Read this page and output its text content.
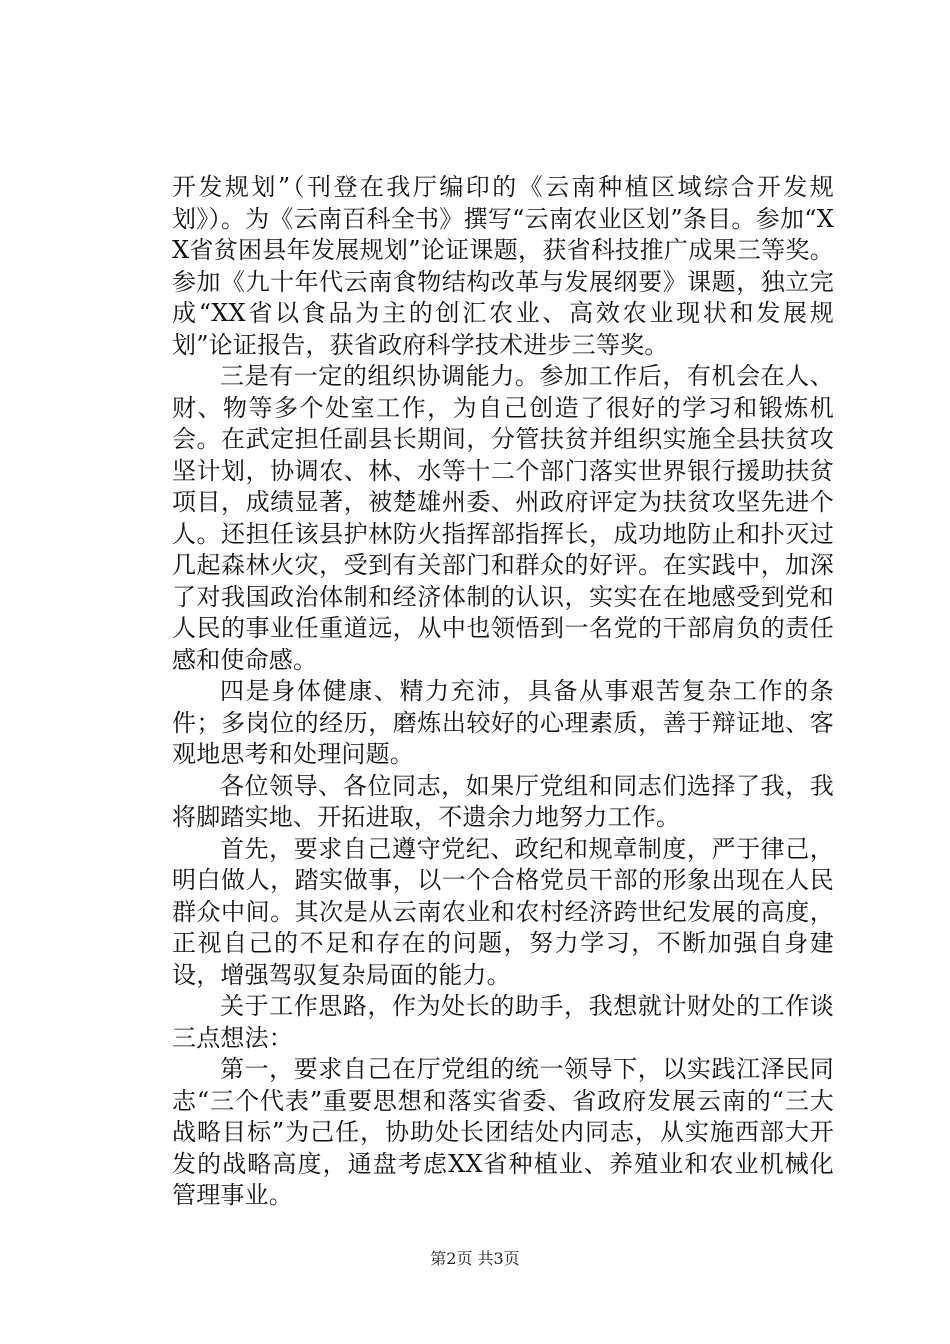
开发规划”（刊登在我厅编印的《云南种植区域综合开发规划》）。为《云南百科全书》撰写“云南农业区划”条目。参加“XX省贫困县年发展规划”论证课题，获省科技推广成果三等奖。参加《九十年代云南食物结构改革与发展纲要》课题，独立完成“XX省以食品为主的创汇农业、高效农业现状和发展规划”论证报告，获省政府科学技术进步三等奖。

三是有一定的组织协调能力。参加工作后，有机会在人、财、物等多个处室工作，为自己创造了很好的学习和锻炼机会。在武定担任副县长期间，分管扶贫并组织实施全县扶贫攻坚计划，协调农、林、水等十二个部门落实世界银行援助扶贫项目，成绩显著，被楚雄州委、州政府评定为扶贫攻坚先进个人。还担任该县护林防火指挥部指挥长，成功地防止和扑灭过几起森林火灾，受到有关部门和群众的好评。在实践中，加深了对我国政治体制和经济体制的认识，实实在在地感受到党和人民的事业任重道远，从中也领悟到一名党的干部肩负的责任感和使命感。

四是身体健康、精力充沛，具备从事艰苦复杂工作的条件；多岗位的经历，磨炼出较好的心理素质，善于辩证地、客观地思考和处理问题。

各位领导、各位同志，如果厅党组和同志们选择了我，我将脚踏实地、开拓进取，不遗余力地努力工作。

首先，要求自己遵守党纪、政纪和规章制度，严于律己，明白做人，踏实做事，以一个合格党员干部的形象出现在人民群众中间。其次是从云南农业和农村经济跨世纪发展的高度，正视自己的不足和存在的问题，努力学习，不断加强自身建设，增强驾驭复杂局面的能力。

关于工作思路，作为处长的助手，我想就计财处的工作谈三点想法：

第一，要求自己在厅党组的统一领导下，以实践江泽民同志“三个代表”重要思想和落实省委、省政府发展云南的“三大战略目标”为己任，协助处长团结处内同志，从实施西部大开发的战略高度，通盘考虑XX省种植业、养殖业和农业机械化管理事业。

第2页 共3页
